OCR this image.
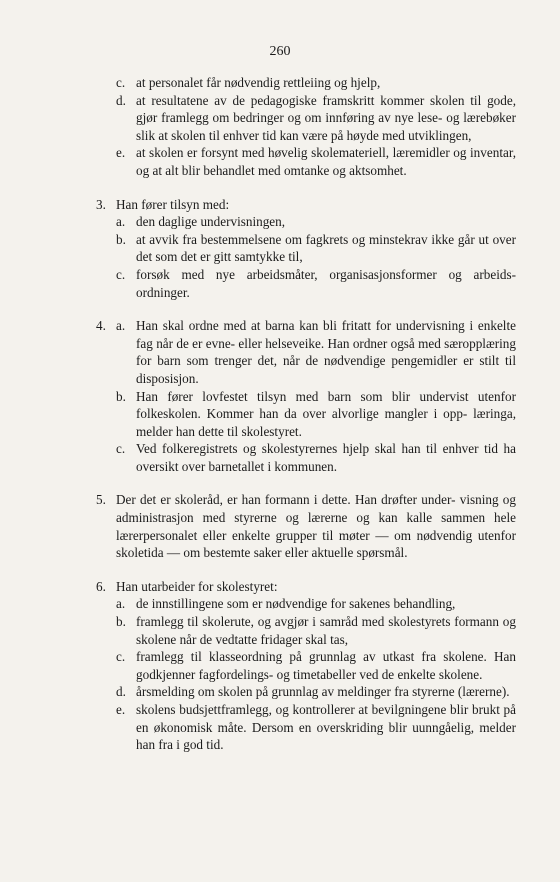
260
c. at personalet får nødvendig rettleiing og hjelp,
d. at resultatene av de pedagogiske framskritt kommer skolen til gode, gjør framlegg om bedringer og om innføring av nye lese- og lærebøker slik at skolen til enhver tid kan være på høyde med utviklingen,
e. at skolen er forsynt med høvelig skolemateriell, læremidler og inventar, og at alt blir behandlet med omtanke og aktsomhet.
3. Han fører tilsyn med:
a. den daglige undervisningen,
b. at avvik fra bestemmelsene om fagkrets og minstekrav ikke går ut over det som det er gitt samtykke til,
c. forsøk med nye arbeidsmåter, organisasjonsformer og arbeids- ordninger.
4. a. Han skal ordne med at barna kan bli fritatt for undervisning i enkelte fag når de er evne- eller helseveike. Han ordner også med særopplæring for barn som trenger det, når de nødvendige pengemidler er stilt til disposisjon.
b. Han fører lovfestet tilsyn med barn som blir undervist utenfor folkeskolen. Kommer han da over alvorlige mangler i opp- læringa, melder han dette til skolestyret.
c. Ved folkeregistrets og skolestyrernes hjelp skal han til enhver tid ha oversikt over barnetallet i kommunen.
5. Der det er skoleråd, er han formann i dette. Han drøfter under- visning og administrasjon med styrerne og lærerne og kan kalle sammen hele lærerpersonalet eller enkelte grupper til møter — om nødvendig utenfor skoletida — om bestemte saker eller aktuelle spørsmål.
6. Han utarbeider for skolestyret:
a. de innstillingene som er nødvendige for sakenes behandling,
b. framlegg til skolerute, og avgjør i samråd med skolestyrets formann og skolene når de vedtatte fridager skal tas,
c. framlegg til klasseordning på grunnlag av utkast fra skolene. Han godkjenner fagfordelings- og timetabeller ved de enkelte skolene.
d. årsmelding om skolen på grunnlag av meldinger fra styrerne (lærerne).
e. skolens budsjettframlegg, og kontrollerer at bevilgningene blir brukt på en økonomisk måte. Dersom en overskriding blir uunngåelig, melder han fra i god tid.
